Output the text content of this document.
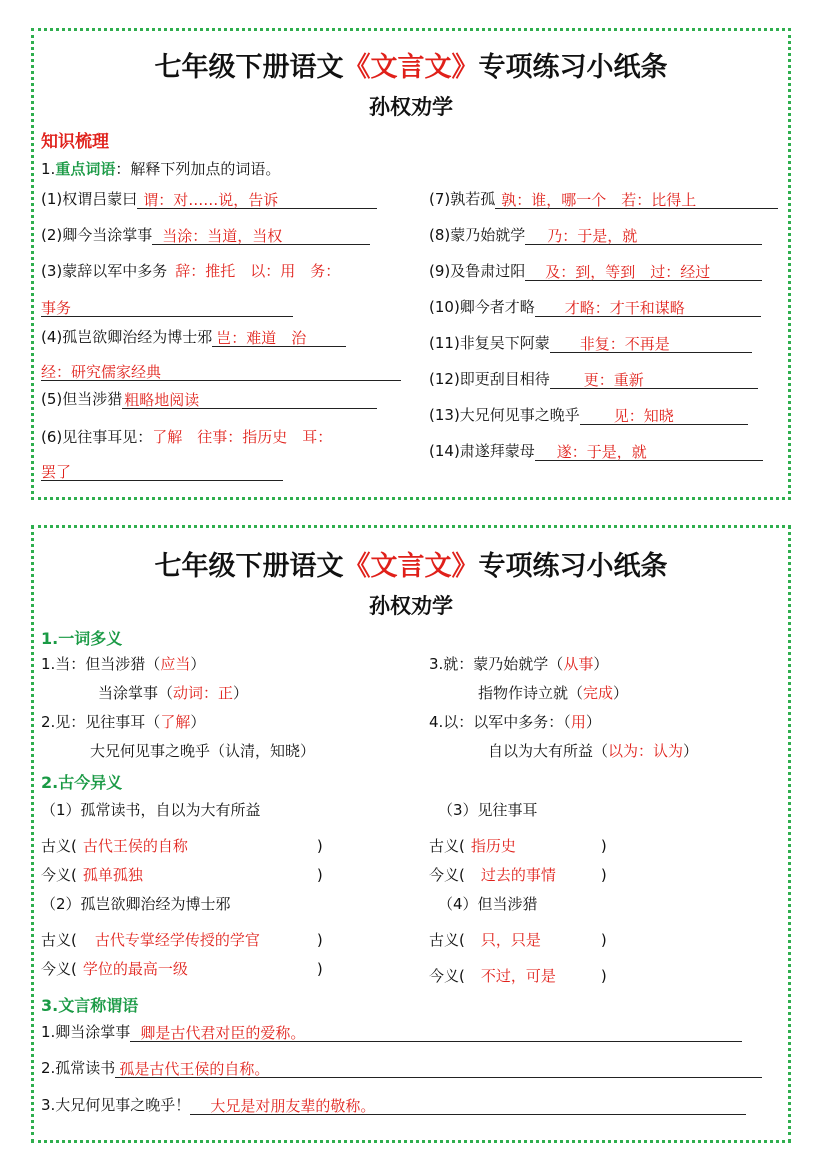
七年级下册语文《文言文》专项练习小纸条
孙权劝学
知识梳理
1.重点词语：解释下列加点的词语。
(1)权谓吕蒙曰 谓：对……说，告诉
(2)卿今当涂掌事 当涂：当道，当权
(3)蒙辞以军中多务 辞：推托　以：用　务：
事务
(4)孤岂欲卿治经为博士邪 岂：难道　治
经：研究儒家经典
(5)但当涉猎 粗略地阅读
(6)见往事耳见：了解　往事：指历史　耳：
罢了
(7)孰若孤 孰：谁，哪一个　若：比得上
(8)蒙乃始就学 乃：于是，就
(9)及鲁肃过阳 及：到，等到　过：经过
(10)卿今者才略 才略：才干和谋略
(11)非复吴下阿蒙 非复：不再是
(12)即更刮目相待 更：重新
(13)大兄何见事之晚乎 见：知晓
(14)肃遂拜蒙母 遂：于是，就
七年级下册语文《文言文》专项练习小纸条
孙权劝学
1.一词多义
1.当：但当涉猎（应当）
当涂掌事（动词：正）
2.见：见往事耳（了解）
大兄何见事之晚乎（认清，知晓）
3.就：蒙乃始就学（从事）
指物作诗立就（完成）
4.以：以军中多务：（用）
自以为大有所益（以为：认为）
2.古今异义
（1）孤常读书，自以为大有所益
古义( 古代王侯的自称	)
今义( 孤单孤独	)
（2）孤岂欲卿治经为博士邪
古义( 古代专掌经学传授的学官	)
今义( 学位的最高一级	)
（3）见往事耳
古义( 指历史	)
今义( 过去的事情	)
（4）但当涉猎
古义( 只，只是	)
今义( 不过，可是	)
3.文言称谓语
1.卿当涂掌事 卿是古代君对臣的爱称。
2.孤常读书 孤是古代王侯的自称。
3.大兄何见事之晚乎！ 大兄是对朋友辈的敬称。
